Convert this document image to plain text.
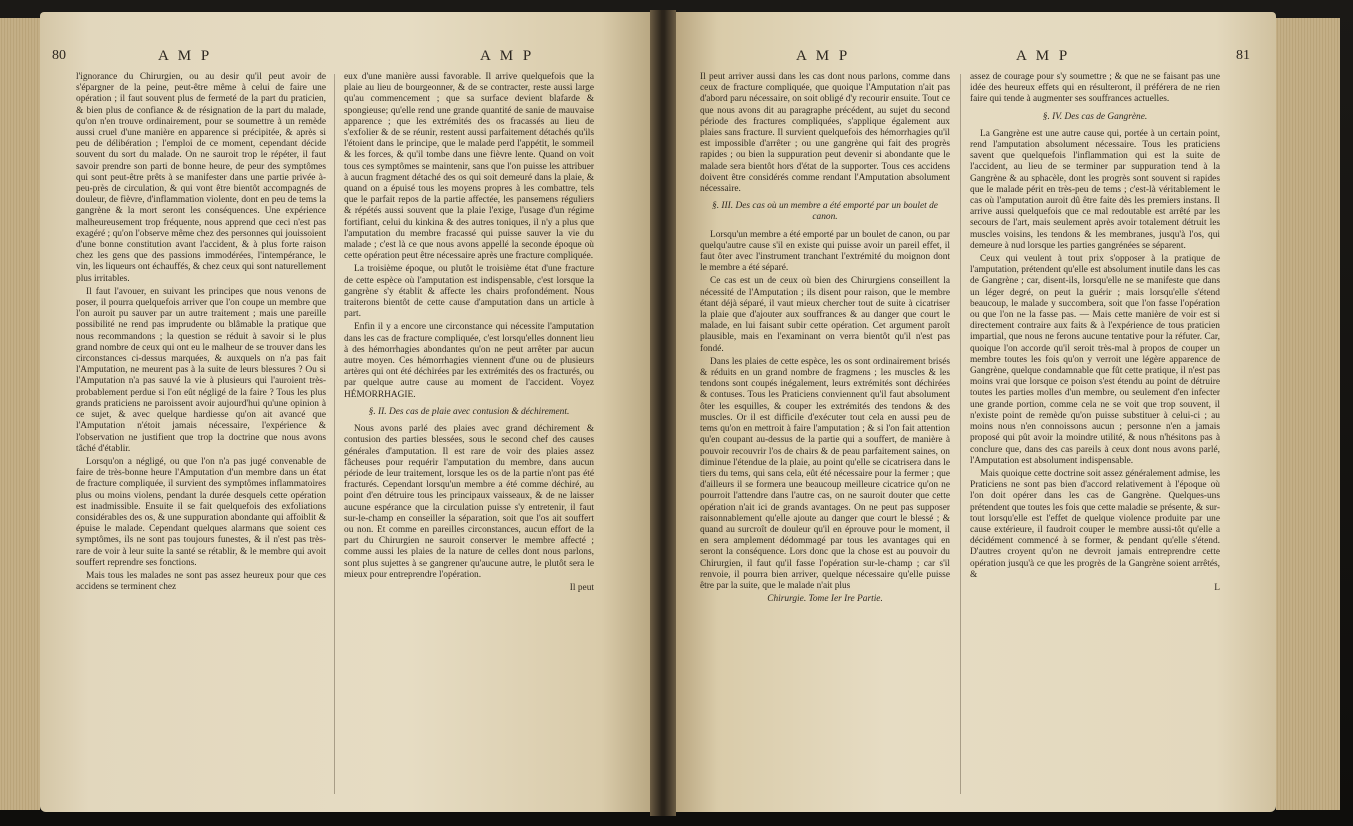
80	A M P	A M P

l'ignorance du Chirurgien, ou au desir qu'il peut avoir de s'épargner de la peine, peut-être même à celui de faire une opération ; il faut souvent plus de fermeté de la part du praticien, & bien plus de confiance & de résignation de la part du malade, qu'on n'en trouve ordinairement, pour se soumettre à un remède aussi cruel d'une manière en apparence si précipitée, & après si peu de délibération ; l'emploi de ce moment, cependant décide souvent du sort du malade. On ne sauroit trop le répéter, il faut savoir prendre son parti de bonne heure, de peur des symptômes qui sont peut-être prêts à se manifester dans une partie privée à-peu-près de circulation, & qui vont être bientôt accompagnés de douleur, de fièvre, d'inflammation violente, dont en peu de tems la gangrène & la mort seront les conséquences. Une expérience malheureusement trop fréquente, nous apprend que ceci n'est pas exagéré ; qu'on l'observe même chez des personnes qui jouissoient d'une bonne constitution avant l'accident, & à plus forte raison chez les gens que des passions immodérées, l'intempérance, le vin, les liqueurs ont échauffés, & chez ceux qui sont naturellement plus irritables.

Il faut l'avouer, en suivant les principes que nous venons de poser, il pourra quelquefois arriver que l'on coupe un membre que l'on auroit pu sauver par un autre traitement ; mais une pareille possibilité ne rend pas imprudente ou blâmable la pratique que nous recommandons ; la question se réduit à savoir si le plus grand nombre de ceux qui ont eu le malheur de se trouver dans les circonstances ci-dessus marquées, & auxquels on n'a pas fait l'Amputation, ne meurent pas à la suite de leurs blessures ? Ou si l'Amputation n'a pas sauvé la vie à plusieurs qui l'auroient très-probablement perdue si l'on eût négligé de la faire ? Tous les plus grands praticiens ne paroissent avoir aujourd'hui qu'une opinion à ce sujet, & avec quelque hardiesse qu'on ait avancé que l'Amputation n'étoit jamais nécessaire, l'expérience & l'observation ne justifient que trop la doctrine que nous avons tâché d'établir.

Lorsqu'on a négligé, ou que l'on n'a pas jugé convenable de faire de très-bonne heure l'Amputation d'un membre dans un état de fracture compliquée, il survient des symptômes inflammatoires plus ou moins violens, pendant la durée desquels cette opération est inadmissible. Ensuite il se fait quelquefois des exfoliations considérables des os, & une suppuration abondante qui affoiblit & épuise le malade. Cependant quelques alarmans que soient ces symptômes, ils ne sont pas toujours funestes, & il n'est pas très-rare de voir à leur suite la santé se rétablir, & le membre qui avoit souffert reprendre ses fonctions.

Mais tous les malades ne sont pas assez heureux pour que ces accidens se terminent chez

eux d'une manière aussi favorable. Il arrive quelquefois que la plaie au lieu de bourgeonner, & de se contracter, reste aussi large qu'au commencement ; que sa surface devient blafarde & spongieuse; qu'elle rend une grande quantité de sanie de mauvaise apparence ; que les extrémités des os fracassés au lieu de s'exfolier & de se réunir, restent aussi parfaitement détachés qu'ils l'étoient dans le principe, que le malade perd l'appétit, le sommeil & les forces, & qu'il tombe dans une fièvre lente. Quand on voit tous ces symptômes se maintenir, sans que l'on puisse les attribuer à aucun fragment détaché des os qui soit demeuré dans la plaie, & quand on a épuisé tous les moyens propres à les combattre, tels que le parfait repos de la partie affectée, les pansemens réguliers & répétés aussi souvent que la plaie l'exige, l'usage d'un régime fortifiant, celui du kinkina & des autres toniques, il n'y a plus que l'amputation du membre fracassé qui puisse sauver la vie du malade ; c'est là ce que nous avons appellé la seconde époque où cette opération peut être nécessaire après une fracture compliquée.

La troisième époque, ou plutôt le troisième état d'une fracture de cette espèce où l'amputation est indispensable, c'est lorsque la gangrène s'y établit & affecte les chairs profondément. Nous traiterons bientôt de cette cause d'amputation dans un article à part.

Enfin il y a encore une circonstance qui nécessite l'amputation dans les cas de fracture compliquée, c'est lorsqu'elles donnent lieu à des hémorrhagies abondantes qu'on ne peut arrêter par aucun autre moyen. Ces hémorrhagies viennent d'une ou de plusieurs artères qui ont été déchirées par les extrémités des os fracturés, ou par quelque autre cause au moment de l'accident. Voyez HÉMORRHAGIE.

§. II. Des cas de plaie avec contusion & déchirement.

Nous avons parlé des plaies avec grand déchirement & contusion des parties blessées, sous le second chef des causes générales d'amputation. Il est rare de voir des plaies assez fâcheuses pour requérir l'amputation du membre, dans aucun période de leur traitement, lorsque les os de la partie n'ont pas été fracturés. Cependant lorsqu'un membre a été comme déchiré, au point d'en détruire tous les principaux vaisseaux, & de ne laisser aucune espérance que la circulation puisse s'y entretenir, il faut sur-le-champ en conseiller la séparation, soit que l'os ait souffert ou non. Et comme en pareilles circonstances, aucun effort de la part du Chirurgien ne sauroit conserver le membre affecté ; comme aussi les plaies de la nature de celles dont nous parlons, sont plus sujettes à se gangrener qu'aucune autre, le plutôt sera le mieux pour entreprendre l'opération.

Il peut

A M P	A M P	81

Il peut arriver aussi dans les cas dont nous parlons, comme dans ceux de fracture compliquée, que quoique l'Amputation n'ait pas d'abord paru nécessaire, on soit obligé d'y recourir ensuite. Tout ce que nous avons dit au paragraphe précédent, au sujet du second période des fractures compliquées, s'applique également aux plaies sans fracture. Il survient quelquefois des hémorrhagies qu'il est impossible d'arrêter ; ou une gangrène qui fait des progrès rapides ; ou bien la suppuration peut devenir si abondante que le malade sera bientôt hors d'état de la supporter. Tous ces accidens doivent être considérés comme rendant l'Amputation absolument nécessaire.

§. III. Des cas où un membre a été emporté par un boulet de canon.

Lorsqu'un membre a été emporté par un boulet de canon, ou par quelqu'autre cause s'il en existe qui puisse avoir un pareil effet, il faut ôter avec l'instrument tranchant l'extrémité du moignon dont le membre a été séparé.

Ce cas est un de ceux où bien des Chirurgiens conseillent la nécessité de l'Amputation ; ils disent pour raison, que le membre étant déjà séparé, il vaut mieux chercher tout de suite à cicatriser la plaie que d'ajouter aux souffrances & au danger que court le malade, en lui faisant subir cette opération. Cet argument paroît plausible, mais en l'examinant on verra bientôt qu'il n'est pas fondé.

Dans les plaies de cette espèce, les os sont ordinairement brisés & réduits en un grand nombre de fragmens ; les muscles & les tendons sont coupés inégalement, leurs extrémités sont déchirées & contuses. Tous les Praticiens conviennent qu'il faut absolument ôter les esquilles, & couper les extrémités des tendons & des muscles. Or il est difficile d'exécuter tout cela en aussi peu de tems qu'on en mettroit à faire l'amputation ; & si l'on fait attention qu'en coupant au-dessus de la partie qui a souffert, de manière à pouvoir recouvrir l'os de chairs & de peau parfaitement saines, on diminue l'étendue de la plaie, au point qu'elle se cicatrisera dans le tiers du tems, qui sans cela, eût été nécessaire pour la fermer ; que d'ailleurs il se formera une beaucoup meilleure cicatrice qu'on ne pourroit l'attendre dans l'autre cas, on ne sauroit douter que cette opération n'ait ici de grands avantages. On ne peut pas supposer raisonnablement qu'elle ajoute au danger que court le blessé ; & quand au surcroît de douleur qu'il en éprouve pour le moment, il en sera amplement dédommagé par tous les avantages qui en seront la conséquence. Lors donc que la chose est au pouvoir du Chirurgien, il faut qu'il fasse l'opération sur-le-champ ; car s'il renvoie, il pourra bien arriver, quelque nécessaire qu'elle puisse être par la suite, que le malade n'ait plus

Chirurgie. Tome Ier Ire Partie.

assez de courage pour s'y soumettre ; & que ne se faisant pas une idée des heureux effets qui en résulteront, il préférera de ne rien faire qui tende à augmenter ses souffrances actuelles.

§. IV. Des cas de Gangrène.

La Gangrène est une autre cause qui, portée à un certain point, rend l'amputation absolument nécessaire. Tous les praticiens savent que quelquefois l'inflammation qui est la suite de l'accident, au lieu de se terminer par suppuration tend à la Gangrène & au sphacèle, dont les progrès sont souvent si rapides que le malade périt en très-peu de tems ; c'est-là véritablement le cas où l'amputation auroit dû être faite dès les premiers instans. Il arrive aussi quelquefois que ce mal redoutable est arrêté par les secours de l'art, mais seulement après avoir totalement détruit les muscles voisins, les tendons & les membranes, jusqu'à l'os, qui demeure à nud lorsque les parties gangrénées se séparent.

Ceux qui veulent à tout prix s'opposer à la pratique de l'amputation, prétendent qu'elle est absolument inutile dans les cas de Gangrène ; car, disent-ils, lorsqu'elle ne se manifeste que dans un léger degré, on peut la guérir ; mais lorsqu'elle s'étend beaucoup, le malade y succombera, soit que l'on fasse l'opération ou que l'on ne la fasse pas. — Mais cette manière de voir est si directement contraire aux faits & à l'expérience de tous praticien impartial, que nous ne ferons aucune tentative pour la réfuter. Car, quoique l'on accorde qu'il seroit très-mal à propos de couper un membre toutes les fois qu'on y verroit une légère apparence de Gangrène, quelque condamnable que fût cette pratique, il n'est pas moins vrai que lorsque ce poison s'est étendu au point de détruire toutes les parties molles d'un membre, ou seulement d'en infecter une grande portion, comme cela ne se voit que trop souvent, il n'existe point de remède qu'on puisse substituer à celui-ci ; au moins nous n'en connoissons aucun ; personne n'en a jamais proposé qui pût avoir la moindre utilité, & nous n'hésitons pas à conclure que, dans des cas pareils à ceux dont nous avons parlé, l'Amputation est absolument indispensable.

Mais quoique cette doctrine soit assez généralement admise, les Praticiens ne sont pas bien d'accord relativement à l'époque où l'on doit opérer dans les cas de Gangrène. Quelques-uns prétendent que toutes les fois que cette maladie se présente, & sur-tout lorsqu'elle est l'effet de quelque violence produite par une cause extérieure, il faudroit couper le membre aussi-tôt qu'elle a décidément commencé à se former, & pendant qu'elle s'étend. D'autres croyent qu'on ne devroit jamais entreprendre cette opération jusqu'à ce que les progrès de la Gangrène soient arrêtés, &

L
